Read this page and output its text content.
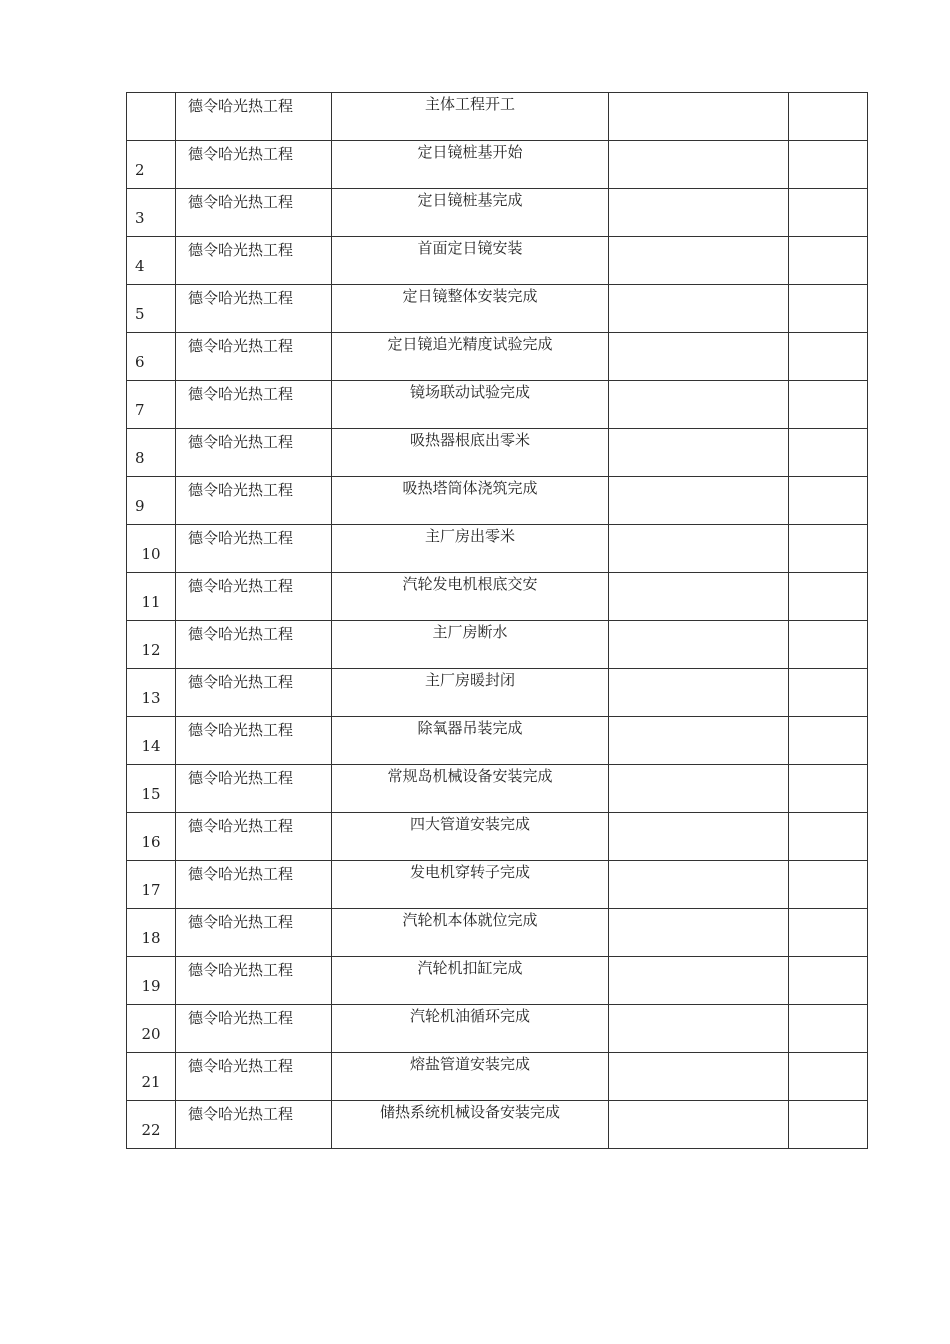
	德令哈光热工程	主体工程开工		

2	德令哈光热工程	定日镜桩基开始		

3	德令哈光热工程	定日镜桩基完成		

4	德令哈光热工程	首面定日镜安装		

5	德令哈光热工程	定日镜整体安装完成		

6	德令哈光热工程	定日镜追光精度试验完成		

7	德令哈光热工程	镜场联动试验完成		

8	德令哈光热工程	吸热器根底出零米		

9	德令哈光热工程	吸热塔筒体浇筑完成		

10	德令哈光热工程	主厂房出零米		

11	德令哈光热工程	汽轮发电机根底交安		

12	德令哈光热工程	主厂房断水		

13	德令哈光热工程	主厂房暖封闭		

14	德令哈光热工程	除氧器吊装完成		

15	德令哈光热工程	常规岛机械设备安装完成		

16	德令哈光热工程	四大管道安装完成		

17	德令哈光热工程	发电机穿转子完成		

18	德令哈光热工程	汽轮机本体就位完成		

19	德令哈光热工程	汽轮机扣缸完成		

20	德令哈光热工程	汽轮机油循环完成		

21	德令哈光热工程	熔盐管道安装完成		

22	德令哈光热工程	储热系统机械设备安装完成		
